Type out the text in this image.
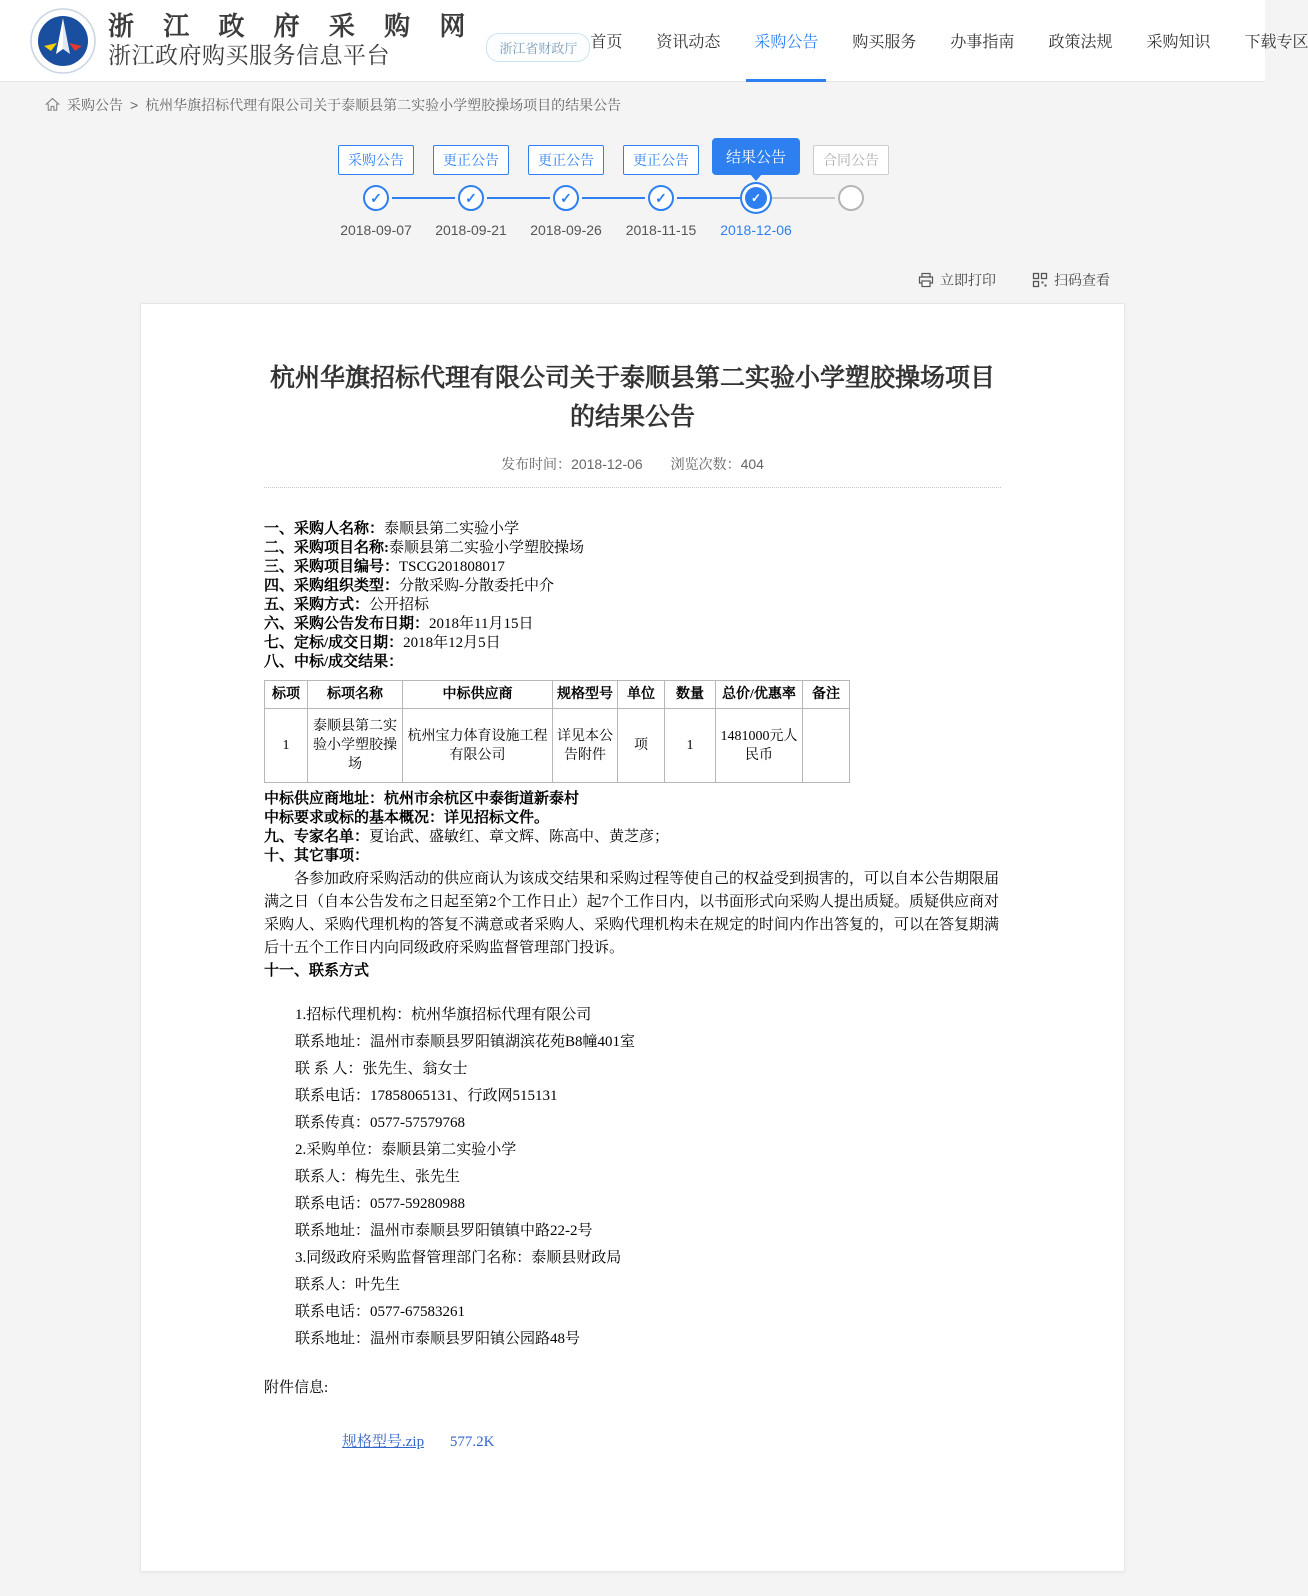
浙 江 政 府 采 购 网
浙江政府购买服务信息平台	浙江省财政厅 首页 资讯动态 采购公告 购买服务 办事指南 政策法规 采购知识 下载专区
采购公告 > 杭州华旗招标代理有限公司关于泰顺县第二实验小学塑胶操场项目的结果公告
采购公告
✓
2018-09-07
更正公告
✓
2018-09-21
更正公告
✓
2018-09-26
更正公告
✓
2018-11-15
结果公告
✓
2018-12-06
合同公告
立即打印	扫码查看
杭州华旗招标代理有限公司关于泰顺县第二实验小学塑胶操场项目的结果公告
发布时间：2018-12-06 浏览次数：404
一、采购人名称：泰顺县第二实验小学
二、采购项目名称:泰顺县第二实验小学塑胶操场
三、采购项目编号：TSCG201808017
四、采购组织类型：分散采购-分散委托中介
五、采购方式：公开招标
六、采购公告发布日期：2018年11月15日
七、定标/成交日期：2018年12月5日
八、中标/成交结果：
标项	标项名称	中标供应商	规格型号	单位	数量	总价/优惠率	备注
1	泰顺县第二实验小学塑胶操场	杭州宝力体育设施工程有限公司	详见本公告附件	项	1	1481000元人民币	
中标供应商地址：杭州市余杭区中泰街道新泰村
中标要求或标的基本概况：详见招标文件。
九、专家名单：夏诒武、盛敏红、章文辉、陈高中、黄芝彦；
十、其它事项：

各参加政府采购活动的供应商认为该成交结果和采购过程等使自己的权益受到损害的，可以自本公告期限届满之日（自本公告发布之日起至第2个工作日止）起7个工作日内，以书面形式向采购人提出质疑。质疑供应商对采购人、采购代理机构的答复不满意或者采购人、采购代理机构未在规定的时间内作出答复的，可以在答复期满后十五个工作日内向同级政府采购监督管理部门投诉。

十一、联系方式
1.招标代理机构：杭州华旗招标代理有限公司
联系地址：温州市泰顺县罗阳镇湖滨花苑B8幢401室
联 系 人：张先生、翁女士
联系电话：17858065131、行政网515131
联系传真：0577-57579768
2.采购单位：泰顺县第二实验小学
联系人：梅先生、张先生
联系电话：0577-59280988
联系地址：温州市泰顺县罗阳镇镇中路22-2号
3.同级政府采购监督管理部门名称：泰顺县财政局
联系人：叶先生
联系电话：0577-67583261
联系地址：温州市泰顺县罗阳镇公园路48号
附件信息:
规格型号.zip 577.2K
